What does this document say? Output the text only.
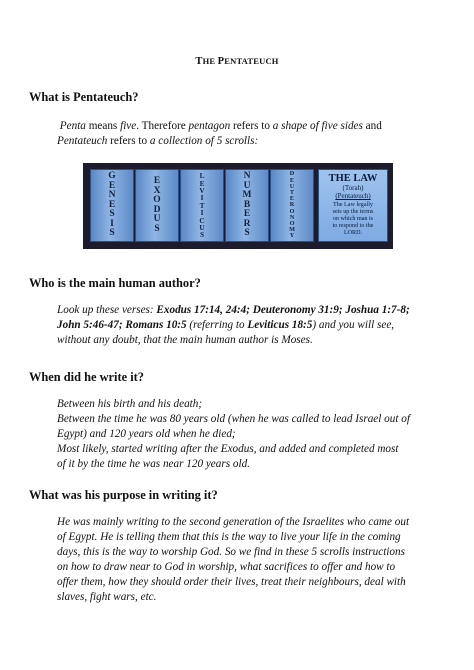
THE PENTATEUCH
What is Pentateuch?
Penta means five. Therefore pentagon refers to a shape of five sides and
Pentateuch refers to a collection of 5 scrolls:
G
E
N
E
S
I
S
E
X
O
D
U
S
L
E
V
I
T
I
C
U
S
N
U
M
B
E
R
S
D
E
U
T
E
R
O
N
O
M
Y
THE LAW
(Torah)
(Pentateuch)
The Law legally
sets up the terms
on which man is
to respond to the
LORD.
Who is the main human author?
Look up these verses: Exodus 17:14, 24:4; Deuteronomy 31:9; Joshua 1:7-8;
John 5:46-47; Romans 10:5 (referring to Leviticus 18:5) and you will see,
without any doubt, that the main human author is Moses.
When did he write it?
Between his birth and his death;
Between the time he was 80 years old (when he was called to lead Israel out of
Egypt) and 120 years old when he died;
Most likely, started writing after the Exodus, and added and completed most
of it by the time he was near 120 years old.
What was his purpose in writing it?
He was mainly writing to the second generation of the Israelites who came out
of Egypt. He is telling them that this is the way to live your life in the coming
days, this is the way to worship God. So we find in these 5 scrolls instructions
on how to draw near to God in worship, what sacrifices to offer and how to
offer them, how they should order their lives, treat their neighbours, deal with
slaves, fight wars, etc.
